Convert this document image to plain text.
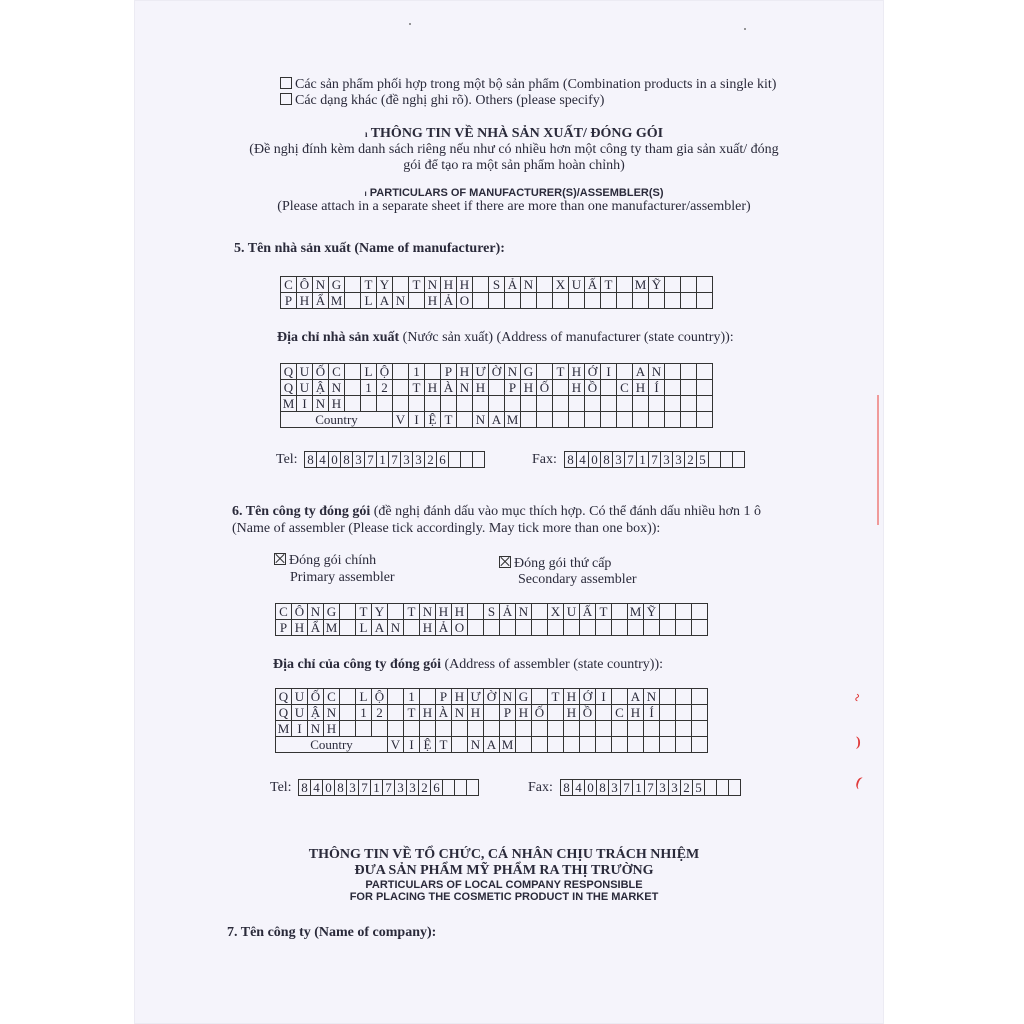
Các sản phẩm phối hợp trong một bộ sản phẩm (Combination products in a single kit)
Các dạng khác (đề nghị ghi rõ). Others (please specify)
ı THÔNG TIN VỀ NHÀ SẢN XUẤT/ ĐÓNG GÓI
(Đề nghị đính kèm danh sách riêng nếu như có nhiều hơn một công ty tham gia sản xuất/ đóng
gói để tạo ra một sản phẩm hoàn chỉnh)
ı PARTICULARS OF MANUFACTURER(S)/ASSEMBLER(S)
(Please attach in a separate sheet if there are more than one manufacturer/assembler)
5. Tên nhà sản xuất (Name of manufacturer):
C	Ô	N	G		T	Y		T	N	H	H		S	Ả	N		X	U	Ấ	T		M	Ỹ			
P	H	Ẩ	M		L	A	N		H	Ả	O															
Địa chỉ nhà sản xuất (Nước sản xuất) (Address of manufacturer (state country)):
Q	U	Ố	C		L	Ộ		1		P	H	Ư	Ờ	N	G		T	H	Ớ	I		A	N			
Q	U	Ậ	N		1	2		T	H	À	N	H		P	H	Ố		H	Ồ		C	H	Í			
M	I	N	H																							
Country							V	I	Ệ	T		N	A	M												
Tel: 8	4	0	8	3	7	1	7	3	3	2	6				Fax: 8	4	0	8	3	7	1	7	3	3	2	5			
6. Tên công ty đóng gói (đề nghị đánh dấu vào mục thích hợp. Có thể đánh dấu nhiều hơn 1 ô
(Name of assembler (Please tick accordingly. May tick more than one box)):
Đóng gói chính
Primary assembler
Đóng gói thứ cấp
Secondary assembler
C	Ô	N	G		T	Y		T	N	H	H		S	Ả	N		X	U	Ấ	T		M	Ỹ			
P	H	Ẩ	M		L	A	N		H	Ả	O															
Địa chỉ của công ty đóng gói (Address of assembler (state country)):
Q	U	Ố	C		L	Ộ		1		P	H	Ư	Ờ	N	G		T	H	Ớ	I		A	N			
Q	U	Ậ	N		1	2		T	H	À	N	H		P	H	Ố		H	Ồ		C	H	Í			
M	I	N	H																							
Country							V	I	Ệ	T		N	A	M												
Tel: 8	4	0	8	3	7	1	7	3	3	2	6				Fax: 8	4	0	8	3	7	1	7	3	3	2	5			
THÔNG TIN VỀ TỔ CHỨC, CÁ NHÂN CHỊU TRÁCH NHIỆM
ĐƯA SẢN PHẨM MỸ PHẨM RA THỊ TRƯỜNG
PARTICULARS OF LOCAL COMPANY RESPONSIBLE
FOR PLACING THE COSMETIC PRODUCT IN THE MARKET
7. Tên công ty (Name of company):
~
)
(
